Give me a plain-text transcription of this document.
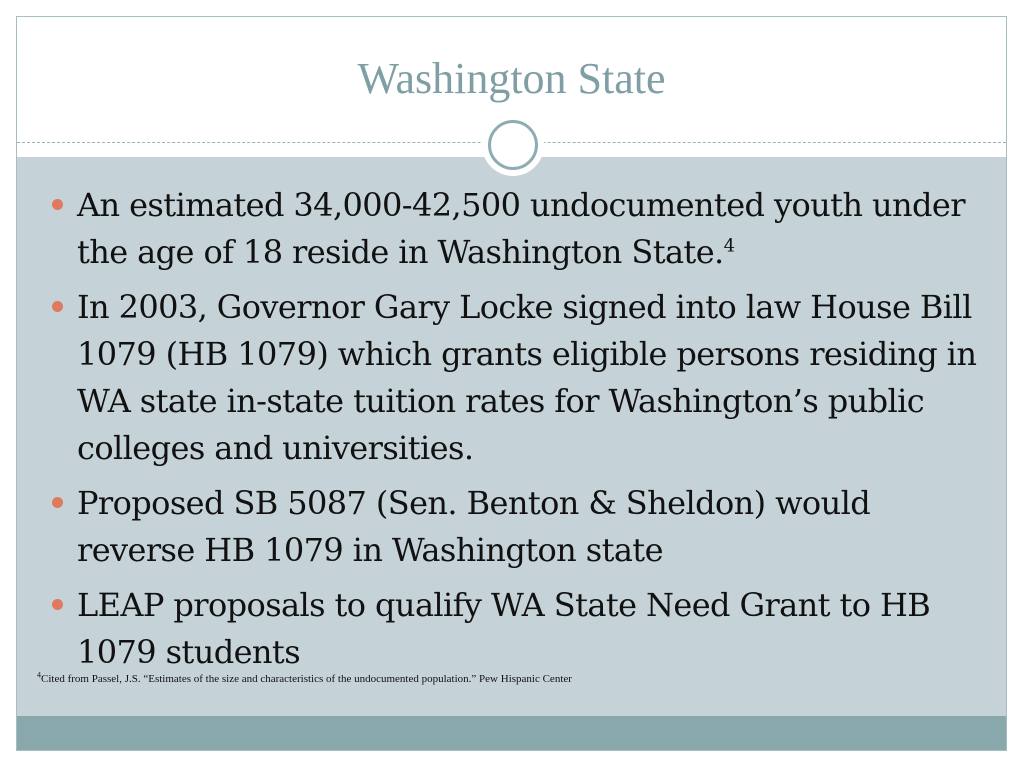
Washington State
An estimated 34,000-42,500 undocumented youth under the age of 18 reside in Washington State.$^4$
In 2003, Governor Gary Locke signed into law House Bill 1079 (HB 1079) which grants eligible persons residing in WA state in-state tuition rates for Washington’s public colleges and universities.
Proposed SB 5087 (Sen. Benton & Sheldon) would reverse HB 1079 in Washington state
LEAP proposals to qualify WA State Need Grant to HB 1079 students
$^4$Cited from Passel, J.S. “Estimates of the size and characteristics of the undocumented population.” Pew Hispanic Center
